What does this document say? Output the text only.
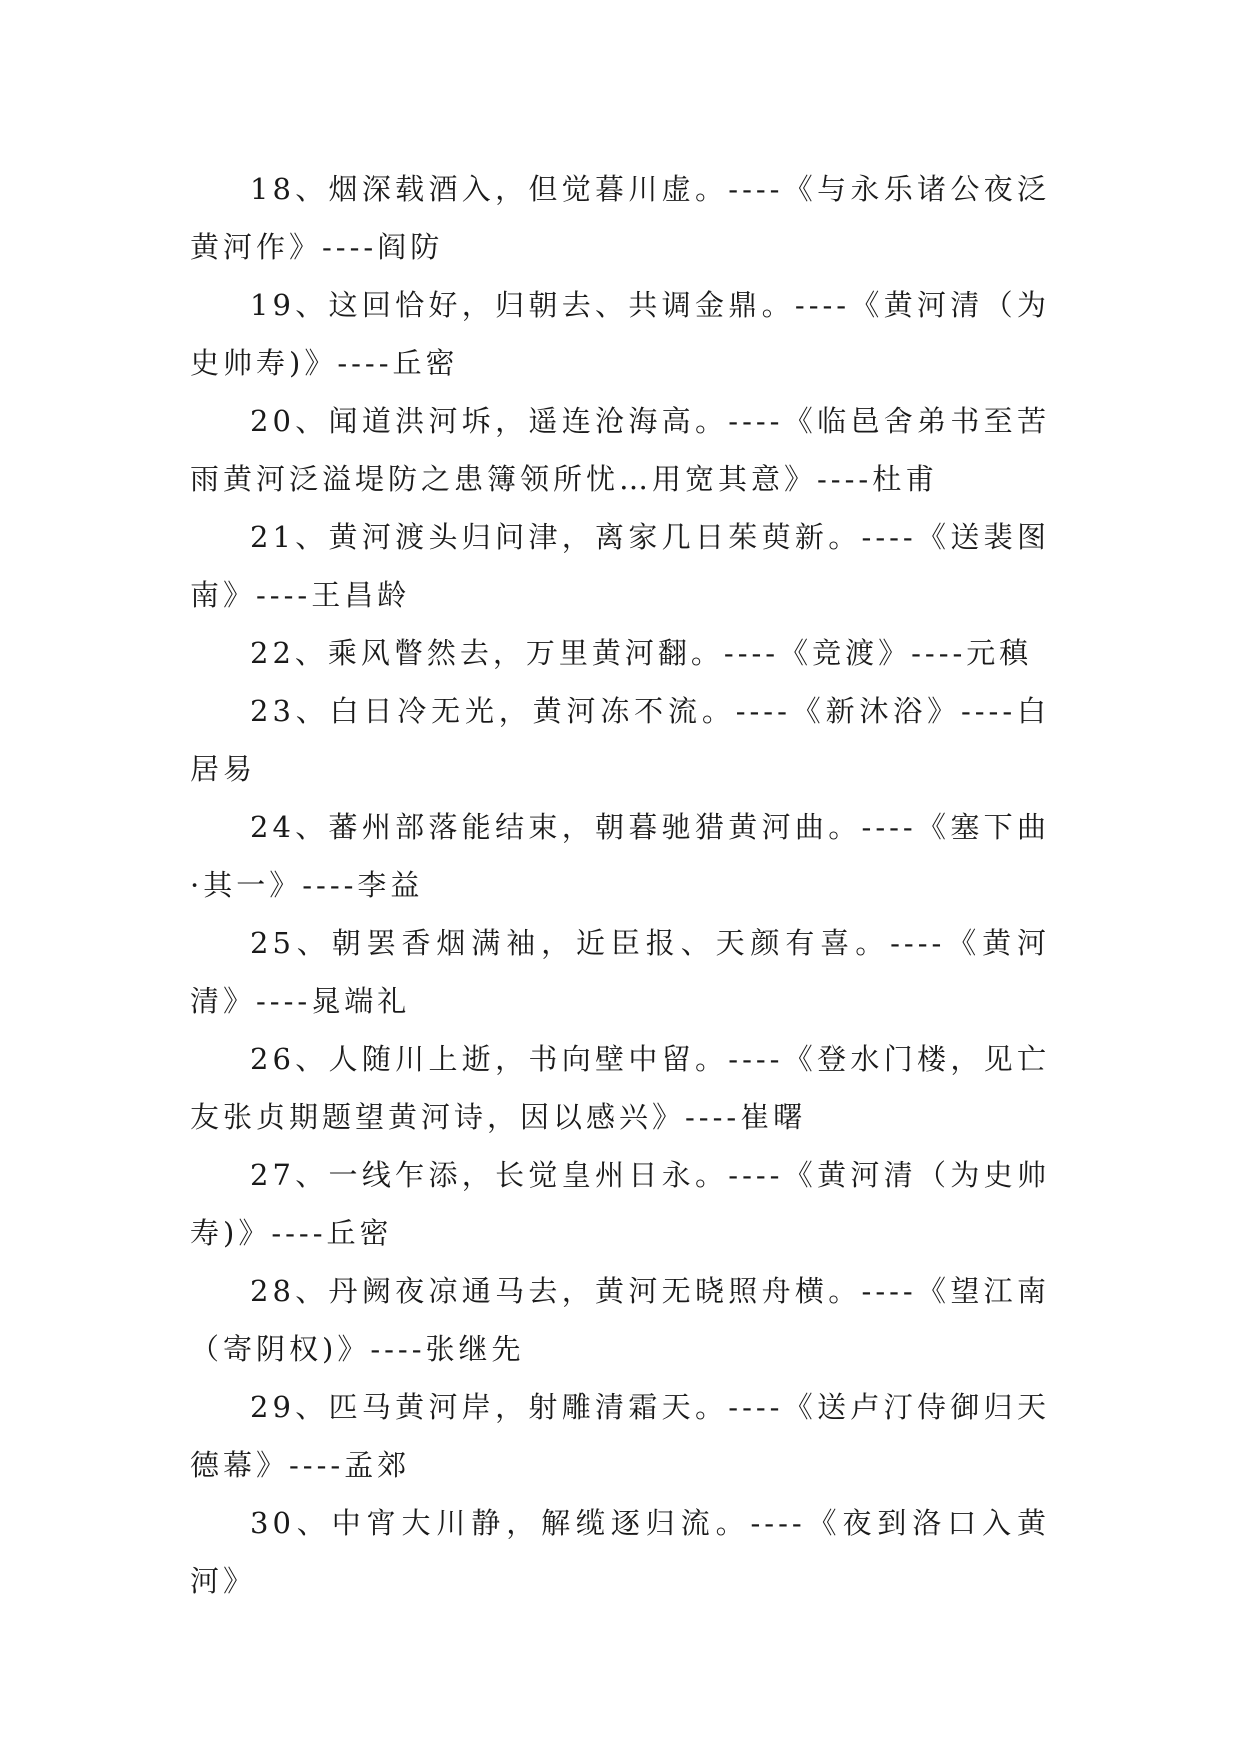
18、烟深载酒入，但觉暮川虚。----《与永乐诸公夜泛黄河作》----阎防

19、这回恰好，归朝去、共调金鼎。----《黄河清（为史帅寿)》----丘密

20、闻道洪河坼，遥连沧海高。----《临邑舍弟书至苦雨黄河泛溢堤防之患簿领所忧…用宽其意》----杜甫

21、黄河渡头归问津，离家几日茱萸新。----《送裴图南》----王昌龄

22、乘风瞥然去，万里黄河翻。----《竞渡》----元稹

23、白日冷无光，黄河冻不流。----《新沐浴》----白居易

24、蕃州部落能结束，朝暮驰猎黄河曲。----《塞下曲·其一》----李益

25、朝罢香烟满袖，近臣报、天颜有喜。----《黄河清》----晁端礼

26、人随川上逝，书向壁中留。----《登水门楼，见亡友张贞期题望黄河诗，因以感兴》----崔曙

27、一线乍添，长觉皇州日永。----《黄河清（为史帅寿)》----丘密

28、丹阙夜凉通马去，黄河无晓照舟横。----《望江南（寄阴权)》----张继先

29、匹马黄河岸，射雕清霜天。----《送卢汀侍御归天德幕》----孟郊

30、中宵大川静，解缆逐归流。----《夜到洛口入黄河》
